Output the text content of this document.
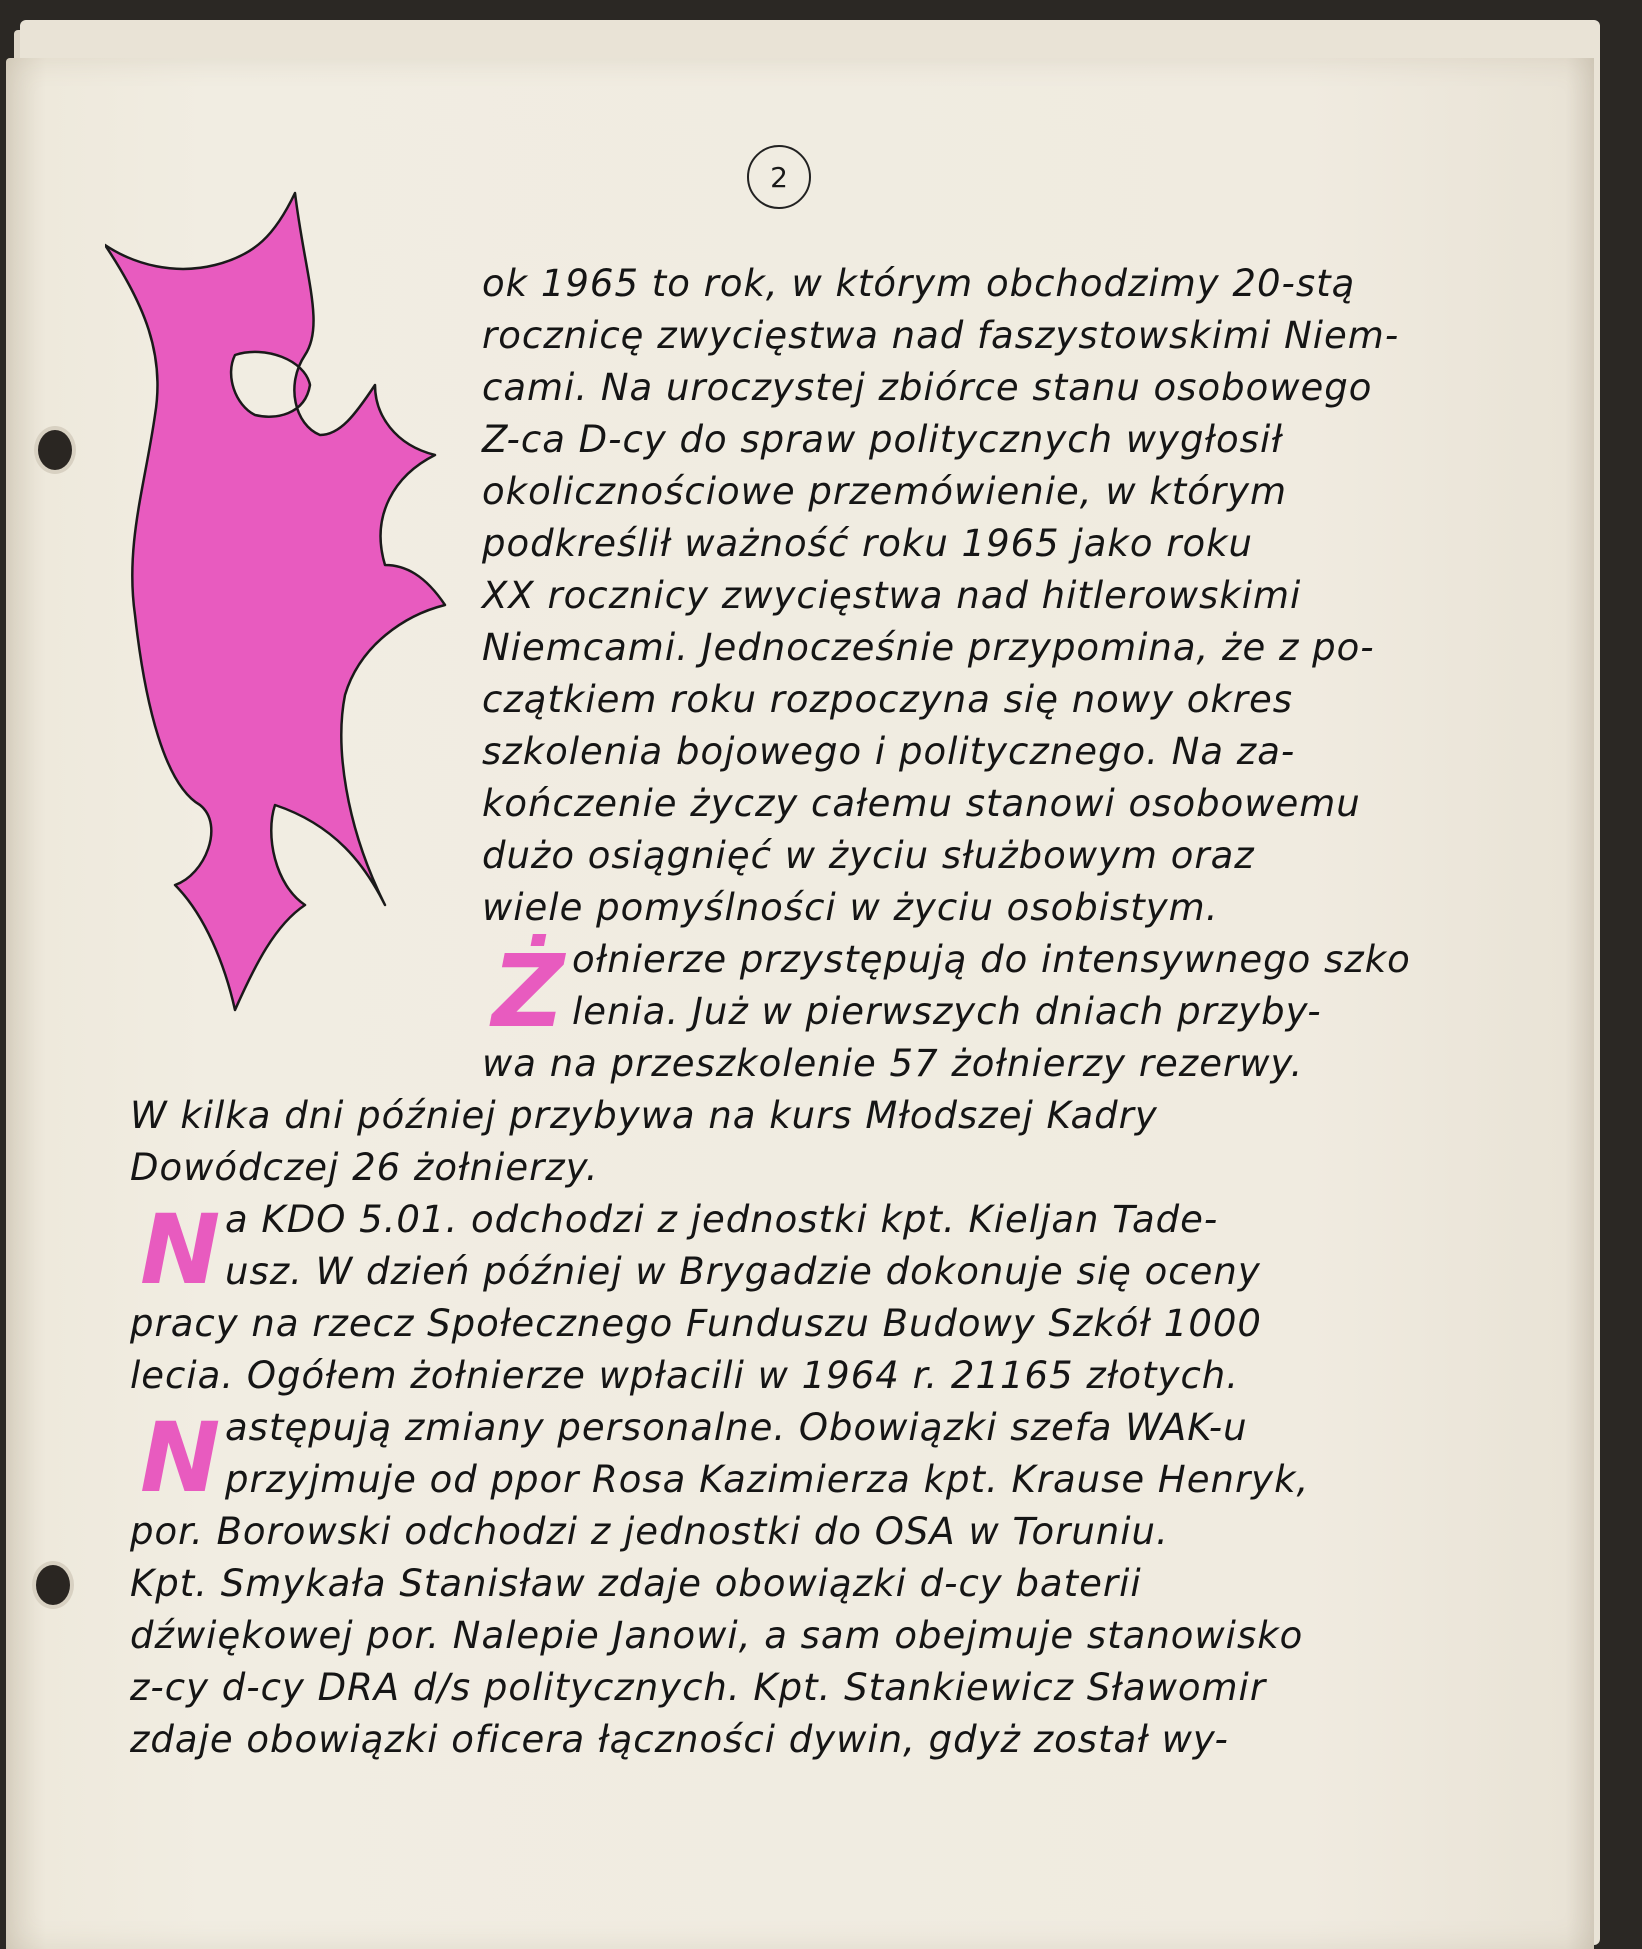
2
ok 1965 to rok, w którym obchodzimy 20-stą
rocznicę zwycięstwa nad faszystowskimi Niem-
cami. Na uroczystej zbiórce stanu osobowego
Z-ca D-cy do spraw politycznych wygłosił
okolicznościowe przemówienie, w którym
podkreślił ważność roku 1965 jako roku
XX rocznicy zwycięstwa nad hitlerowskimi
Niemcami. Jednocześnie przypomina, że z po-
czątkiem roku rozpoczyna się nowy okres
szkolenia bojowego i politycznego. Na za-
kończenie życzy całemu stanowi osobowemu
dużo osiągnięć w życiu służbowym oraz
wiele pomyślności w życiu osobistym.
Ż ołnierze przystępują do intensywnego szko
lenia. Już w pierwszych dniach przyby-
wa na przeszkolenie 57 żołnierzy rezerwy.
W kilka dni później przybywa na kurs Młodszej Kadry
Dowódczej 26 żołnierzy.
N a KDO 5.01. odchodzi z jednostki kpt. Kieljan Tade-
usz. W dzień później w Brygadzie dokonuje się oceny
pracy na rzecz Społecznego Funduszu Budowy Szkół 1000
lecia. Ogółem żołnierze wpłacili w 1964 r. 21165 złotych.
N astępują zmiany personalne. Obowiązki szefa WAK-u
przyjmuje od ppor Rosa Kazimierza kpt. Krause Henryk,
por. Borowski odchodzi z jednostki do OSA w Toruniu.
Kpt. Smykała Stanisław zdaje obowiązki d-cy baterii
dźwiękowej por. Nalepie Janowi, a sam obejmuje stanowisko
z-cy d-cy DRA d/s politycznych. Kpt. Stankiewicz Sławomir
zdaje obowiązki oficera łączności dywin, gdyż został wy-
